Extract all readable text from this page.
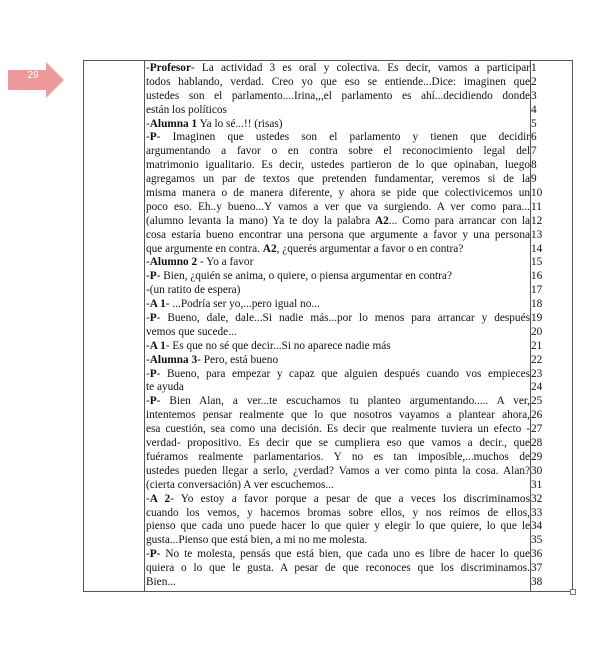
29
-Profesor- La actividad 3 es oral y colectiva. Es decir, vamos a participar
todos hablando, verdad. Creo yo que eso se entiende...Dice: imaginen que
ustedes son el parlamento....Irina,,,el parlamento es ahí...decidiendo donde
están los políticos
-Alumna 1 Ya lo sé...!! (risas)
-P- Imaginen que ustedes son el parlamento y tienen que decidir
argumentando a favor o en contra sobre el reconocimiento legal del
matrimonio igualitario. Es decir, ustedes partieron de lo que opinaban, luego
agregamos un par de textos que pretenden fundamentar, veremos si de la
misma manera o de manera diferente, y ahora se pide que colectivicemos un
poco eso. Eh..y bueno...Y vamos a ver que va surgiendo. A ver como para...
(alumno levanta la mano) Ya te doy la palabra A2... Como para arrancar con la
cosa estaría bueno encontrar una persona que argumente a favor y una persona
que argumente en contra. A2, ¿querés argumentar a favor o en contra?
-Alumno 2 - Yo a favor
-P- Bien, ¿quién se anima, o quiere, o piensa argumentar en contra?
-(un ratito de espera)
-A 1- ...Podría ser yo,...pero igual no...
-P- Bueno, dale, dale...Si nadie más...por lo menos para arrancar y después
vemos que sucede...
-A 1- Es que no sé que decir...Si no aparece nadie más
-Alumna 3- Pero, está bueno
-P- Bueno, para empezar y capaz que alguien después cuando vos empieces
te ayuda
-P- Bien Alan, a ver...te escuchamos tu planteo argumentando..... A ver,
intentemos pensar realmente que lo que nosotros vayamos a plantear ahora,
esa cuestión, sea como una decisión. Es decir que realmente tuviera un efecto -
verdad- propositivo. Es decir que se cumpliera eso que vamos a decir., que
fuéramos realmente parlamentarios. Y no es tan imposible,...muchos de
ustedes pueden llegar a serlo, ¿verdad? Vamos a ver como pinta la cosa. Alan?
(cierta conversación) A ver escuchemos...
-A 2- Yo estoy a favor porque a pesar de que a veces los discriminamos
cuando los vemos, y hacemos bromas sobre ellos, y nos reímos de ellos,
pienso que cada uno puede hacer lo que quier y elegir lo que quiere, lo que le
gusta...Pienso que está bien, a mi no me molesta.
-P- No te molesta, pensás que está bien, que cada uno es libre de hacer lo que
quiera o lo que le gusta. A pesar de que reconoces que los discriminamos.
Bien...
1
2
3
4
5
6
7
8
9
10
11
12
13
14
15
16
17
18
19
20
21
22
23
24
25
26
27
28
29
30
31
32
33
34
35
36
37
38
